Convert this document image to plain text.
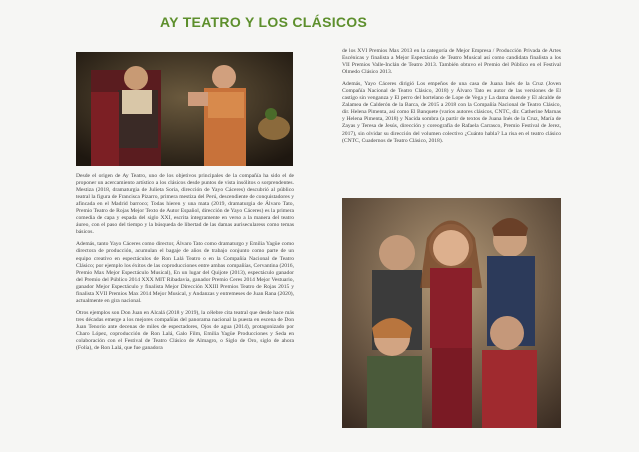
AY TEATRO Y LOS CLÁSICOS

Desde el origen de Ay Teatro, uno de los objetivos principales de la compañía ha sido el de proponer un acercamiento artístico a los clásicos desde puntos de vista insólitos o sorprendentes. Mestiza (2018, dramaturgia de Julieta Soria, dirección de Yayo Cáceres) descubrió al público teatral la figura de Francisca Pizarro, primera mestiza del Perú, descendiente de conquistadores y afincada en el Madrid barroco; Todas hieren y una mata (2019, dramaturgia de Álvaro Tato, Premio Teatro de Rojas Mejor Texto de Autor Español, dirección de Yayo Cáceres) es la primera comedia de capa y espada del siglo XXI, escrita íntegramente en verso a la manera del teatro áureo, con el paso del tiempo y la búsqueda de libertad de las damas aurisecularess como temas básicos.

Además, tanto Yayo Cáceres como director, Álvaro Tato como dramaturgo y Emilia Yagüe como directora de producción, acumulan el bagaje de años de trabajo conjunto como parte de un equipo creativo en espectáculos de Ron Lalá Teatro o en la Compañía Nacional de Teatro Clásico; por ejemplo los éxitos de las coproducciones entre ambas compañías, Cervantina (2016, Premio Max Mejor Espectáculo Musical), En un lugar del Quijote (2013), espectáculo ganador del Premio del Público 2014 XXX MIT Ribadavia, ganador Premio Ceres 2014 Mejor Vestuario, ganador Mejor Espectáculo y finalista Mejor Dirección XXIII Premios Teatro de Rojas 2015 y finalista XVII Premios Max 2014 Mejor Musical, y Andanzas y entremeses de Juan Rana (2020), actualmente en gira nacional.

Otros ejemplos son Don Juan en Alcalá (2018 y 2019), la célebre cita teatral que desde hace más tres décadas emerge a los mejores compañías del panorama nacional la puesta en escena de Don Juan Tenorio ante decenas de miles de espectadores, Ojos de agua (2014), protagonizado por Charo López, coproducción de Ron Lalá, Galo Film, Emilia Yagüe Producciones y Seda en colaboración con el Festival de Teatro Clásico de Almagro, o Siglo de Oro, siglo de ahora (Folía), de Ron Lalá, que fue ganadora

de los XVI Premios Max 2013 en la categoría de Mejor Empresa / Producción Privada de Artes Escénicas y finalista a Mejor Espectáculo de Teatro Musical así como candidata finalista a los VII Premios Valle-Inclán de Teatro 2013. También obtuvo el Premio del Público en el Festival Olmedo Clásico 2013.

Además, Yayo Cáceres dirigió Los empeños de una casa de Juana Inés de la Cruz (Joven Compañía Nacional de Teatro Clásico, 2018) y Álvaro Tato es autor de las versiones de El castigo sin venganza y El perro del hortelano de Lope de Vega y La dama duende y El alcalde de Zalamea de Calderón de la Barca, de 2015 a 2018 con la Compañía Nacional de Teatro Clásico, dir. Helena Pimenta, así como El Banquete (varios autores clásicos, CNTC, dir. Catherine Marnas y Helena Pimenta, 2018) y Nacida sombra (a partir de textos de Juana Inés de la Cruz, María de Zayas y Teresa de Jesús, dirección y coreografía de Rafaela Carrasco, Premio Festival de Jerez, 2017), sin olvidar su dirección del volumen colectivo ¿Cuánto habla? La risa en el teatro clásico (CNTC, Cuadernos de Teatro Clásico, 2018).
